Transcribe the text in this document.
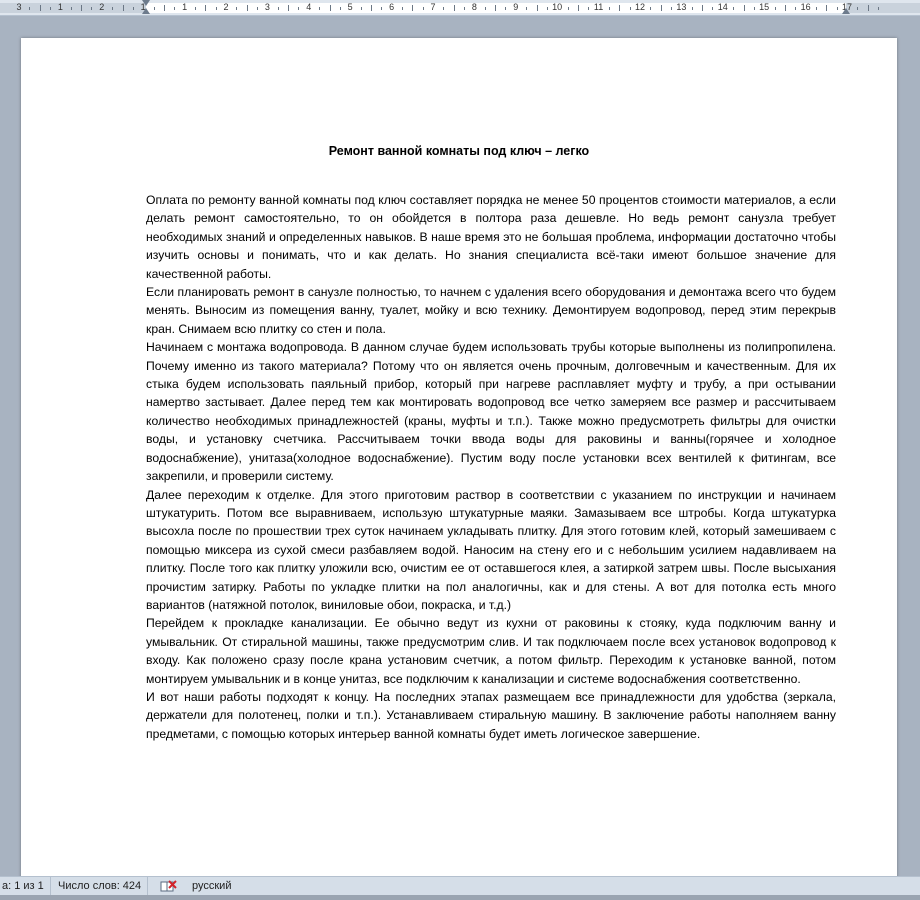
3	1	2	1	1	2	3	4	5	6	7	8	9	10	11	12	13	14	15	16	17
Ремонт ванной комнаты под ключ – легко

Оплата по ремонту ванной комнаты под ключ составляет порядка не менее 50 процентов стоимости материалов, а если делать ремонт самостоятельно, то он обойдется в полтора раза дешевле. Но ведь ремонт санузла требует необходимых знаний и определенных навыков. В наше время это не большая проблема, информации достаточно чтобы изучить основы и понимать, что и как делать. Но знания специалиста всё-таки имеют большое значение для качественной работы.

Если планировать ремонт в санузле полностью, то начнем с удаления всего оборудования и демонтажа всего что будем менять. Выносим из помещения ванну, туалет, мойку и всю технику. Демонтируем водопровод, перед этим перекрыв кран. Снимаем всю плитку со стен и пола.

Начинаем с монтажа водопровода. В данном случае будем использовать трубы которые выполнены из полипропилена. Почему именно из такого материала? Потому что он является очень прочным, долговечным и качественным. Для их стыка будем использовать паяльный прибор, который при нагреве расплавляет муфту и трубу, а при остывании намертво застывает. Далее перед тем как монтировать водопровод все четко замеряем все размер и рассчитываем количество необходимых принадлежностей (краны, муфты и т.п.). Также можно предусмотреть фильтры для очистки воды, и установку счетчика. Рассчитываем точки ввода воды для раковины и ванны(горячее и холодное водоснабжение), унитаза(холодное водоснабжение). Пустим воду после установки всех вентилей к фитингам, все закрепили, и проверили систему.

Далее переходим к отделке. Для этого приготовим раствор в соответствии с указанием по инструкции и начинаем штукатурить. Потом все выравниваем, использую штукатурные маяки. Замазываем все штробы. Когда штукатурка высохла после по прошествии трех суток начинаем укладывать плитку. Для этого готовим клей, который замешиваем с помощью миксера из сухой смеси разбавляем водой. Наносим на стену его и с небольшим усилием надавливаем на плитку. После того как плитку уложили всю, очистим ее от оставшегося клея, а затиркой затрем швы. После высыхания прочистим затирку. Работы по укладке плитки на пол аналогичны, как и для стены. А вот для потолка есть много вариантов (натяжной потолок, виниловые обои, покраска, и т.д.)

Перейдем к прокладке канализации. Ее обычно ведут из кухни от раковины к стояку, куда подключим ванну и умывальник. От стиральной машины, также предусмотрим слив. И так подключаем после всех установок водопровод к входу. Как положено сразу после крана установим счетчик, а потом фильтр. Переходим к установке ванной, потом монтируем умывальник и в конце унитаз, все подключим к канализации и системе водоснабжения соответственно.

И вот наши работы подходят к концу. На последних этапах размещаем все принадлежности для удобства (зеркала, держатели для полотенец, полки и т.п.). Устанавливаем стиральную машину. В заключение работы наполняем ванну предметами, с помощью которых интерьер ванной комнаты будет иметь логическое завершение.

а: 1 из 1	Число слов: 424	русский
